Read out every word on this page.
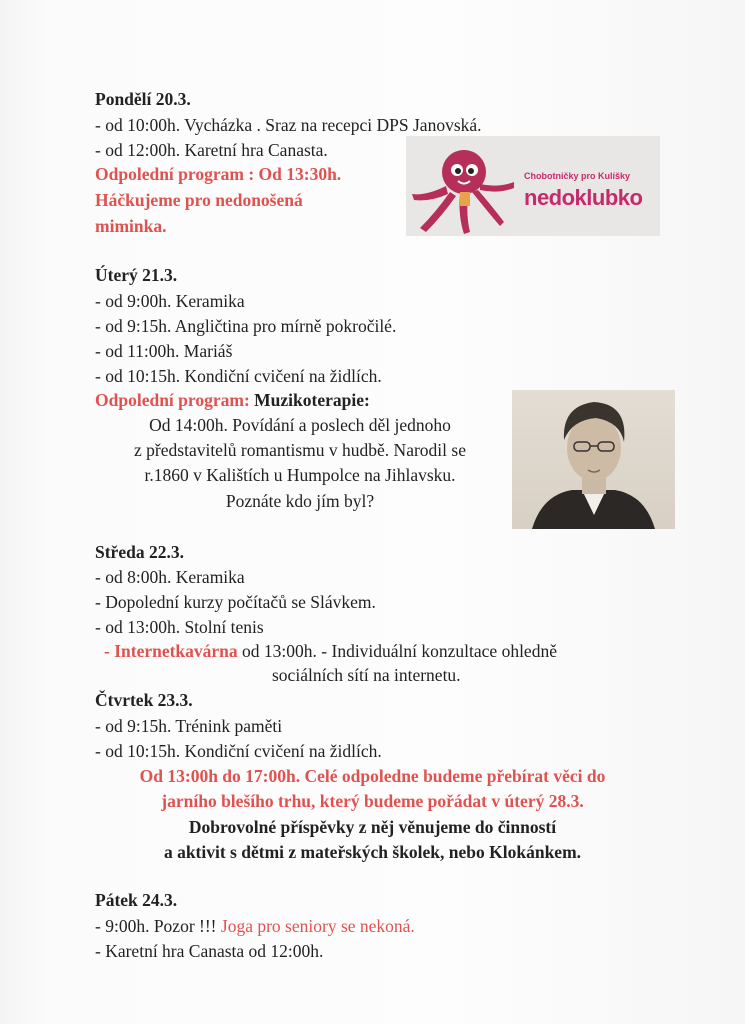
Pondělí 20.3.
- od 10:00h. Vycházka . Sraz na recepci DPS Janovská.
- od 12:00h. Karetní hra Canasta.
Odpolední program : Od 13:30h.
Háčkujeme pro nedonošená
miminka.
Chobotničky pro Kulíšky
nedoklubko
Úterý 21.3.
- od 9:00h. Keramika
- od 9:15h. Angličtina pro mírně pokročilé.
- od 11:00h. Mariáš
- od 10:15h. Kondiční cvičení na židlích.
Odpolední program: Muzikoterapie:
Od 14:00h. Povídání a poslech děl jednoho
z představitelů romantismu v hudbě. Narodil se
r.1860 v Kalištích u Humpolce na Jihlavsku.
Poznáte kdo jím byl?
Středa 22.3.
- od 8:00h. Keramika
- Dopolední kurzy počítačů se Slávkem.
- od 13:00h. Stolní tenis
- Internetkavárna od 13:00h. - Individuální konzultace ohledně
sociálních sítí na internetu.
Čtvrtek 23.3.
- od 9:15h. Trénink paměti
- od 10:15h. Kondiční cvičení na židlích.
Od 13:00h do 17:00h. Celé odpoledne budeme přebírat věci do
jarního blešího trhu, který budeme pořádat v úterý 28.3.
Dobrovolné příspěvky z něj věnujeme do činností
a aktivit s dětmi z mateřských školek, nebo Klokánkem.
Pátek 24.3.
- 9:00h. Pozor !!! Joga pro seniory se nekoná.
- Karetní hra Canasta od 12:00h.
